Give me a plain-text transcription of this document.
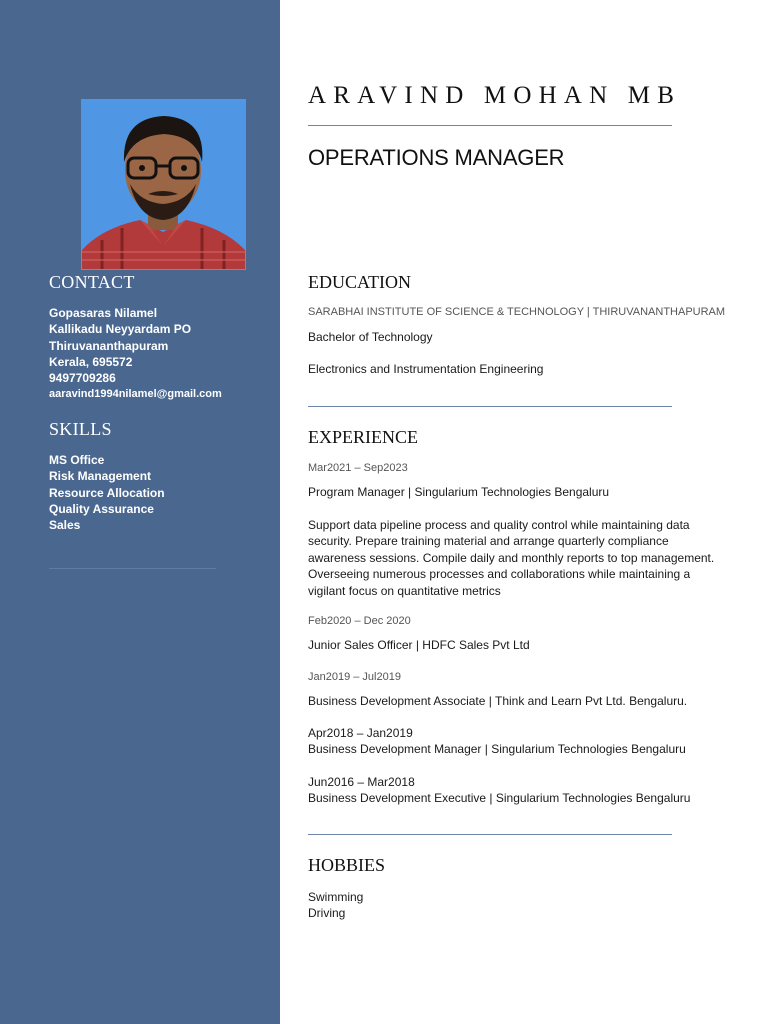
CONTACT
Gopasaras Nilamel
Kallikadu Neyyardam PO
Thiruvananthapuram
Kerala, 695572
9497709286
aaravind1994nilamel@gmail.com
SKILLS
MS Office
Risk Management
Resource Allocation
Quality Assurance
Sales
ARAVIND MOHAN MB
OPERATIONS MANAGER
EDUCATION
SARABHAI INSTITUTE OF SCIENCE & TECHNOLOGY | THIRUVANANTHAPURAM
Bachelor of Technology
Electronics and Instrumentation Engineering
EXPERIENCE
Mar2021 – Sep2023
Program Manager | Singularium Technologies Bengaluru
Support data pipeline process and quality control while maintaining data security. Prepare training material and arrange quarterly compliance awareness sessions. Compile daily and monthly reports to top management. Overseeing numerous processes and collaborations while maintaining a vigilant focus on quantitative metrics
Feb2020 – Dec 2020
Junior Sales Officer | HDFC Sales Pvt Ltd
Jan2019 – Jul2019
Business Development Associate | Think and Learn Pvt Ltd. Bengaluru.
Apr2018 – Jan2019
Business Development Manager | Singularium Technologies Bengaluru
Jun2016 – Mar2018
Business Development Executive | Singularium Technologies Bengaluru
HOBBIES
Swimming
Driving
